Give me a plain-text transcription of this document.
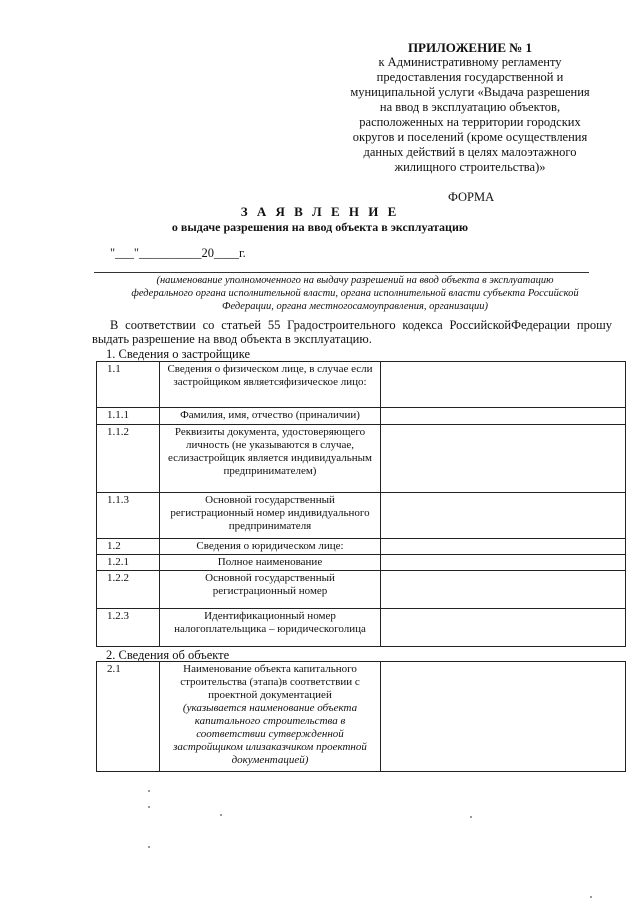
ПРИЛОЖЕНИЕ № 1
к Административному регламенту
предоставления государственной и
муниципальной услуги «Выдача разрешения
на ввод в эксплуатацию объектов,
расположенных на территории городских
округов и поселений (кроме осуществления
данных действий в целях малоэтажного
жилищного строительства)»
ФОРМА
З А Я В Л Е Н И Е
о выдаче разрешения на ввод объекта в эксплуатацию
"___"__________20____г.
(наименование уполномоченного на выдачу разрешений на ввод объекта в эксплуатацию
федерального органа исполнительной власти, органа исполнительной власти субъекта Российской
Федерации, органа местногосамоуправления, организации)
В соответствии со статьей 55 Градостроительного кодекса РоссийскойФедерации прошу выдать разрешение на ввод объекта в эксплуатацию.
1. Сведения о застройщике
1.1	Сведения о физическом лице, в случае если застройщиком являетсяфизическое лицо:	
1.1.1	Фамилия, имя, отчество (приналичии)	
1.1.2	Реквизиты документа, удостоверяющего личность (не указываются в случае, еслизастройщик является индивидуальным предпринимателем)	
1.1.3	Основной государственный регистрационный номер индивидуального предпринимателя	
1.2	Сведения о юридическом лице:	
1.2.1	Полное наименование	
1.2.2	Основной государственный регистрационный номер	
1.2.3	Идентификационный номер налогоплательщика – юридическоголица	
2. Сведения об объекте
2.1	Наименование объекта капитального строительства (этапа)в соответствии с проектной документацией
(указывается наименование объекта капитального строительства в соответствии сутвержденной застройщиком илизаказчиком проектной документацией)
